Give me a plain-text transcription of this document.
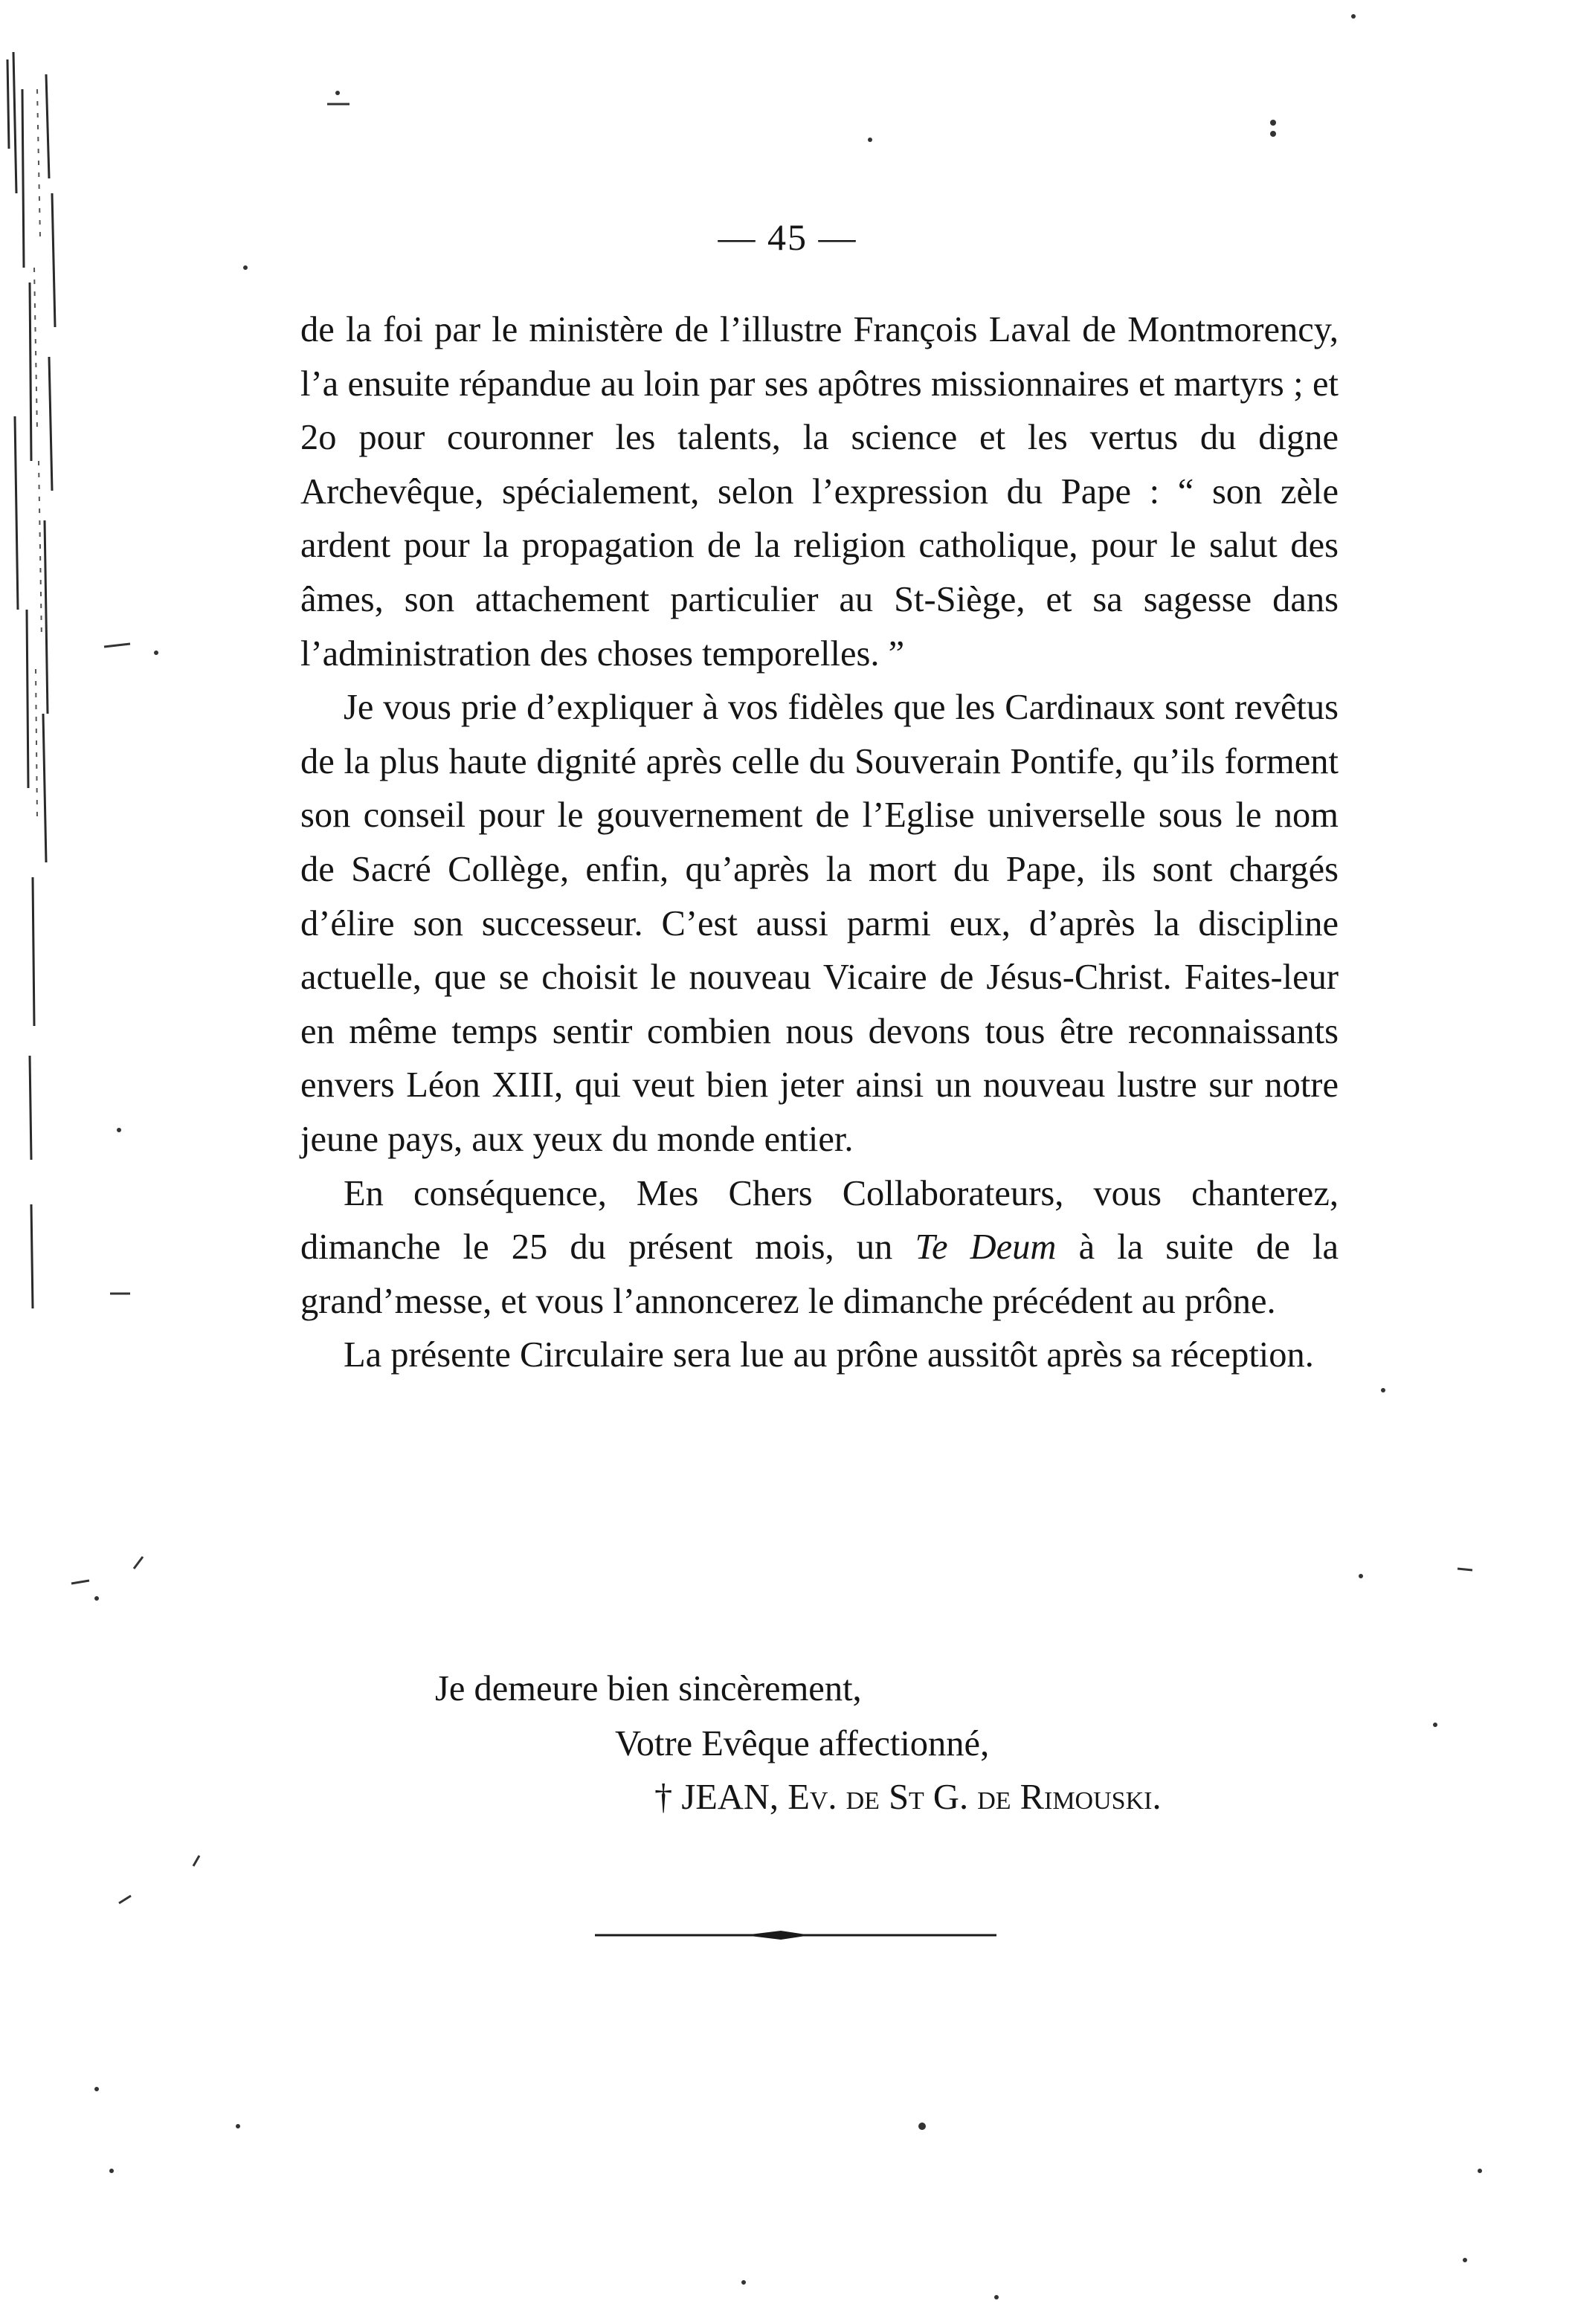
— 45 —

de la foi par le ministère de l’illustre François Laval de Montmorency, l’a ensuite répandue au loin par ses apôtres missionnaires et martyrs ; et 2o pour couronner les talents, la science et les vertus du digne Archevêque, spécialement, selon l’expression du Pape : “ son zèle ardent pour la propagation de la religion catholique, pour le salut des âmes, son attachement particulier au St-Siège, et sa sagesse dans l’administration des choses temporelles. ”

Je vous prie d’expliquer à vos fidèles que les Cardinaux sont revêtus de la plus haute dignité après celle du Souverain Pontife, qu’ils forment son conseil pour le gouvernement de l’Eglise universelle sous le nom de Sacré Collège, enfin, qu’après la mort du Pape, ils sont chargés d’élire son successeur. C’est aussi parmi eux, d’après la discipline actuelle, que se choisit le nouveau Vicaire de Jésus-Christ. Faites-leur en même temps sentir combien nous devons tous être reconnaissants envers Léon XIII, qui veut bien jeter ainsi un nouveau lustre sur notre jeune pays, aux yeux du monde entier.

En conséquence, Mes Chers Collaborateurs, vous chanterez, dimanche le 25 du présent mois, un Te Deum à la suite de la grand’messe, et vous l’annoncerez le dimanche précédent au prône.

La présente Circulaire sera lue au prône aussitôt après sa réception.

Je demeure bien sincèrement,
Votre Evêque affectionné,
† JEAN, Ev. de St G. de Rimouski.
